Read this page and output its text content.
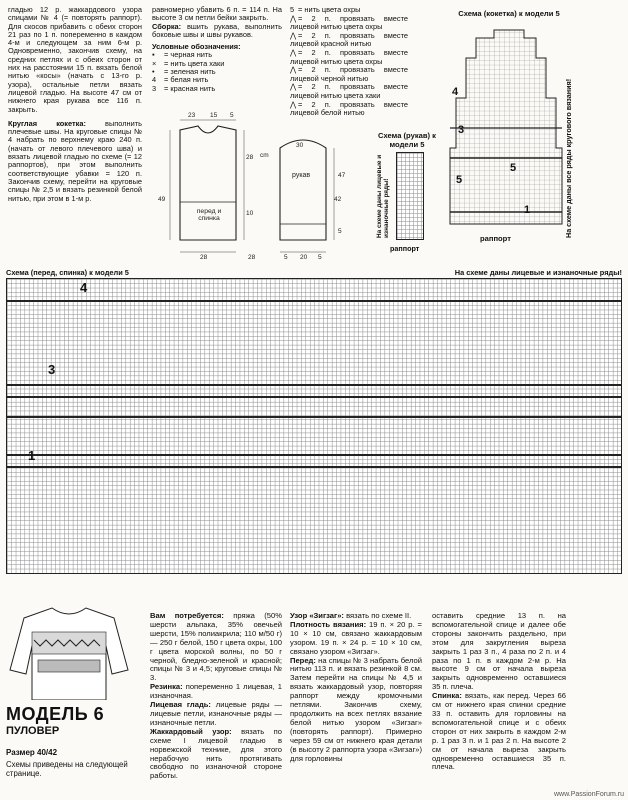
гладью 12 р. жаккардового узора спицами № 4 (= повторять раппорт). Для скосов прибавить с обеих сторон 21 раз по 1 п. попеременно в каждом 4-м и следующем за ним 6-м р. Одновременно, закончив схему, на средних петлях и с обеих сторон от них на расстоянии 15 п. вязать белой нитью «косы» (начать с 13-го р. узора), остальные петли вязать лицевой гладью. На высоте 47 см от нижнего края рукава все 116 п. закрыть.

Круглая кокетка: выполнить плечевые швы. На круговые спицы № 4 набрать по верхнему краю 240 п. (начать от левого плечевого шва) и вязать лицевой гладью по схеме (= 12 раппортов), при этом выполнить соответствующие убавки = 120 п. Закончив схему, перейти на круговые спицы № 2,5 и вязать резинкой белой нитью, при этом в 1-м р.

равномерно убавить 6 п. = 114 п. На высоте 3 см петли бейки закрыть.

Сборка: вшить рукава, выполнить боковые швы и швы рукавов.

Условные обозначения:

▪ = черная нить
× = нить цвета хаки
• = зеленая нить
4 = белая нить
3 = красная нить
5 = нить цвета охры
⋀ = 2 п. провязать вместе лицевой нитью цвета охры
⋀ = 2 п. провязать вместе лицевой красной нитью
⋀ = 2 п. провязать вместе лицевой нитью цвета охры
⋀ = 2 п. провязать вместе лицевой черной нитью
⋀ = 2 п. провязать вместе лицевой нитью цвета хаки
⋀ = 2 п. провязать вместе лицевой белой нитью
23 15 5
28
10
49	42
cm
28	5 20 5
28
47
30
5
перед и спинка
рукав
Схема (рукав) к модели 5
На схеме даны лицевые и изнаночные ряды!
раппорт
Схема (кокетка) к модели 5
4
3
5
5
1
раппорт
На схеме даны все ряды кругового вязания!
Схема (перед, спинка) к модели 5	На схеме даны лицевые и изнаночные ряды!
4
3
1
МОДЕЛЬ 6
ПУЛОВЕР
Размер 40/42
Схемы приведены на следующей странице.

Вам потребуется: пряжа (50% шерсти альпака, 35% овечьей шерсти, 15% полиакрила; 110 м/50 г) — 250 г белой, 150 г цвета охры, 100 г цвета морской волны, по 50 г черной, бледно-зеленой и красной; спицы № 3 и 4,5; круговые спицы № 3.

Резинка: попеременно 1 лицевая, 1 изнаночная.

Лицевая гладь: лицевые ряды — лицевые петли, изнаночные ряды — изнаночные петли.

Жаккардовый узор: вязать по схеме I лицевой гладью в норвежской технике, для этого нерабочую нить протягивать свободно по изнаночной стороне работы.

Узор «Зигзаг»: вязать по схеме II.

Плотность вязания: 19 п. × 20 р. = 10 × 10 см, связано жаккардовым узором. 19 п. × 24 р. = 10 × 10 см, связано узором «Зигзаг».

Перед: на спицы № 3 набрать белой нитью 113 п. и вязать резинкой 8 см. Затем перейти на спицы № 4,5 и вязать жаккардовый узор, повторяя раппорт между кромочными петлями. Закончив схему, продолжить на всех петлях вязание белой нитью узором «Зигзаг» (повторять раппорт). Примерно через 59 см от нижнего края детали (в высоту 2 раппорта узора «Зигзаг») для горловины

оставить средние 13 п. на вспомогательной спице и далее обе стороны закончить раздельно, при этом для закругления выреза закрыть 1 раз 3 п., 4 раза по 2 п. и 4 раза по 1 п. в каждом 2-м р. На высоте 9 см от начала выреза закрыть одновременно оставшиеся 35 п. плеча.

Спинка: вязать, как перед. Через 66 см от нижнего края спинки средние 33 п. оставить для горловины на вспомогательной спице и с обеих сторон от них закрыть в каждом 2-м р. 1 раз 3 п. и 1 раз 2 п. На высоте 2 см от начала выреза закрыть одновременно оставшиеся 35 п. плеча.

www.PassionForum.ru
